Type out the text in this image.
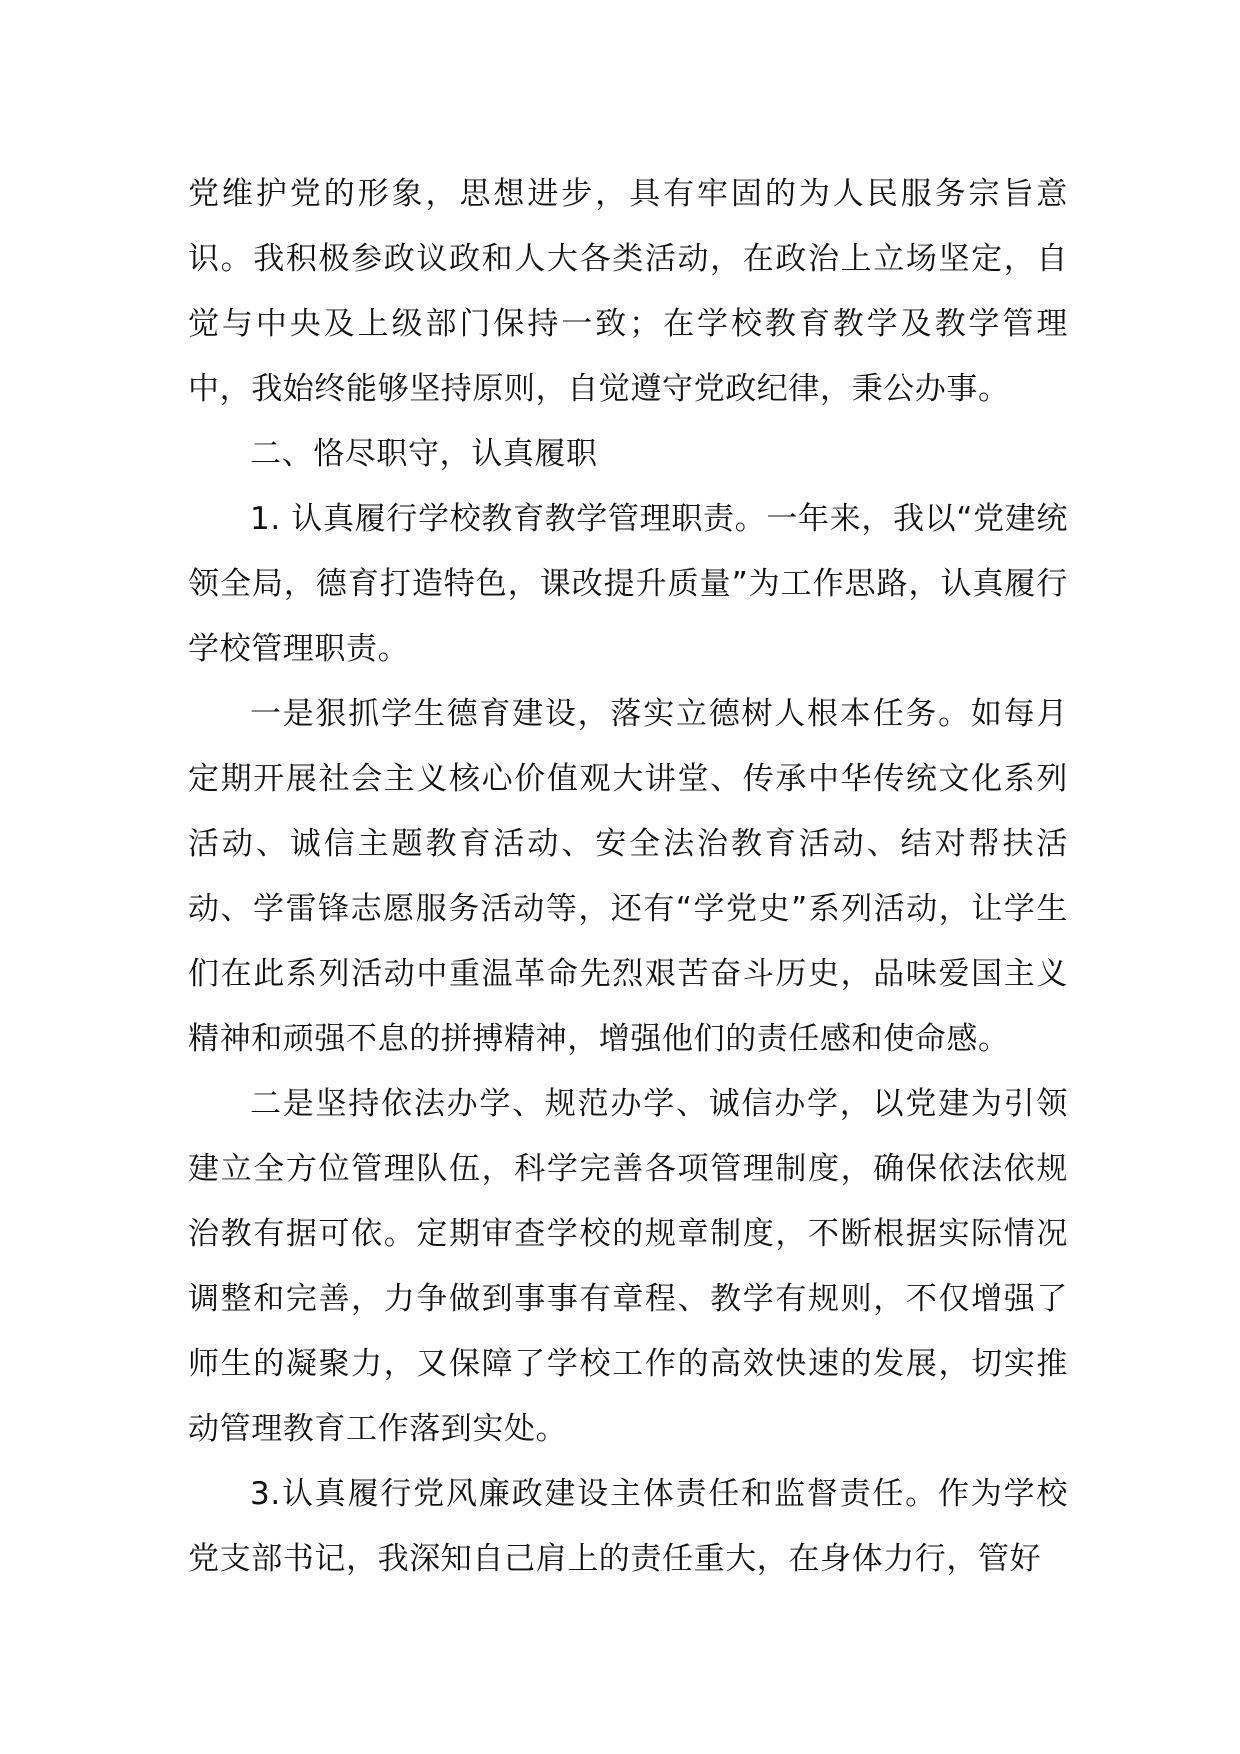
党维护党的形象，思想进步，具有牢固的为人民服务宗旨意识。我积极参政议政和人大各类活动，在政治上立场坚定，自觉与中央及上级部门保持一致；在学校教育教学及教学管理中，我始终能够坚持原则，自觉遵守党政纪律，秉公办事。

二、恪尽职守，认真履职

1. 认真履行学校教育教学管理职责。一年来，我以“党建统领全局，德育打造特色，课改提升质量”为工作思路，认真履行学校管理职责。

一是狠抓学生德育建设，落实立德树人根本任务。如每月定期开展社会主义核心价值观大讲堂、传承中华传统文化系列活动、诚信主题教育活动、安全法治教育活动、结对帮扶活动、学雷锋志愿服务活动等，还有“学党史”系列活动，让学生们在此系列活动中重温革命先烈艰苦奋斗历史，品味爱国主义精神和顽强不息的拼搏精神，增强他们的责任感和使命感。

二是坚持依法办学、规范办学、诚信办学，以党建为引领建立全方位管理队伍，科学完善各项管理制度，确保依法依规治教有据可依。定期审查学校的规章制度，不断根据实际情况调整和完善，力争做到事事有章程、教学有规则，不仅增强了师生的凝聚力，又保障了学校工作的高效快速的发展，切实推动管理教育工作落到实处。

3.认真履行党风廉政建设主体责任和监督责任。作为学校党支部书记，我深知自己肩上的责任重大，在身体力行，管好
